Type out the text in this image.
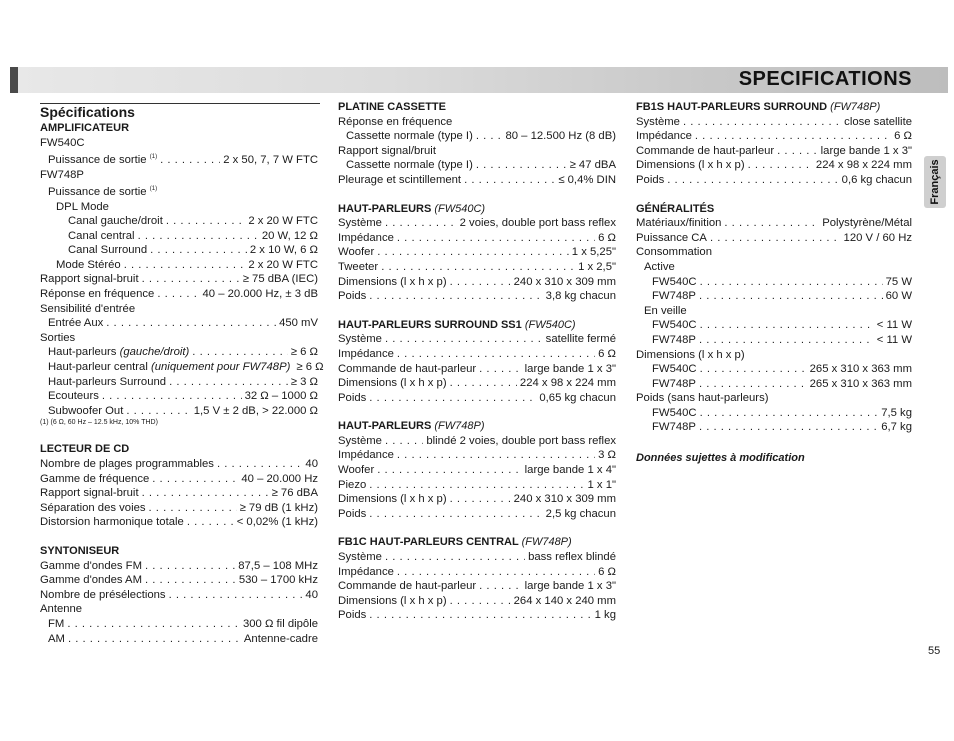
SPECIFICATIONS
Français
Spécifications
AMPLIFICATEUR
FW540C
Puissance de sortie $^{(1)}$ . . .	2 x 50, 7, 7 W FTC
FW748P
Puissance de sortie $^{(1)}$
DPL Mode
Canal gauche/droit . . .	2 x 20 W FTC
Canal central . . .	20 W, 12 Ω
Canal Surround . . .	2 x 10 W, 6 Ω
Mode Stéréo . . .	2 x 20 W FTC
Rapport signal-bruit . . .	≥ 75 dBA (IEC)
Réponse en fréquence . . .	40 – 20.000 Hz, ± 3 dB
Sensibilité d'entrée
Entrée Aux . . .	450 mV
Sorties
Haut-parleurs (gauche/droit) . . .	≥ 6 Ω
Haut-parleur central (uniquement pour FW748P) ≥ 6 Ω
Haut-parleurs Surround . . .	≥ 3 Ω
Ecouteurs . . .	32 Ω – 1000 Ω
Subwoofer Out . . .	1,5 V ± 2 dB, > 22.000 Ω
(1) (6 Ω, 60 Hz – 12.5 kHz, 10% THD)
LECTEUR DE CD
Nombre de plages programmables . . .	40
Gamme de fréquence . . .	40 – 20.000 Hz
Rapport signal-bruit . . .	≥ 76 dBA
Séparation des voies . . .	≥ 79 dB (1 kHz)
Distorsion harmonique totale . . .	< 0,02% (1 kHz)
SYNTONISEUR
Gamme d'ondes FM . . .	87,5 – 108 MHz
Gamme d'ondes AM . . .	530 – 1700 kHz
Nombre de présélections . . .	40
Antenne
FM . . .	300 Ω fil dipôle
AM . . .	Antenne-cadre
PLATINE CASSETTE
Réponse en fréquence
Cassette normale (type I) . . .	80 – 12.500 Hz (8 dB)
Rapport signal/bruit
Cassette normale (type I) . . .	≥ 47 dBA
Pleurage et scintillement . . .	≤ 0,4% DIN
HAUT-PARLEURS (FW540C)
Système . . .	2 voies, double port bass reflex
Impédance . . .	6 Ω
Woofer . . .	1 x 5,25"
Tweeter . . .	1 x 2,5"
Dimensions (l x h x p) . . .	240 x 310 x 309 mm
Poids . . .	3,8 kg chacun
HAUT-PARLEURS SURROUND SS1 (FW540C)
Système . . .	satellite fermé
Impédance . . .	6 Ω
Commande de haut-parleur . . .	large bande 1 x 3"
Dimensions (l x h x p) . . .	224 x 98 x 224 mm
Poids . . .	0,65 kg chacun
HAUT-PARLEURS (FW748P)
Système . . .	blindé 2 voies, double port bass reflex
Impédance . . .	3 Ω
Woofer . . .	large bande 1 x 4"
Piezo . . .	1 x 1"
Dimensions (l x h x p) . . .	240 x 310 x 309 mm
Poids . . .	2,5 kg chacun
FB1C HAUT-PARLEURS CENTRAL (FW748P)
Système . . .	bass reflex blindé
Impédance . . .	6 Ω
Commande de haut-parleur . . .	large bande 1 x 3"
Dimensions (l x h x p) . . .	264 x 140 x 240 mm
Poids . . .	1 kg
FB1S HAUT-PARLEURS SURROUND (FW748P)
Système . . .	close satellite
Impédance . . .	6 Ω
Commande de haut-parleur . . .	large bande 1 x 3"
Dimensions (l x h x p) . . .	224 x 98 x 224 mm
Poids . . .	0,6 kg chacun
GÉNÉRALITÉS
Matériaux/finition . . .	Polystyrène/Métal
Puissance CA . . .	120 V / 60 Hz
Consommation
Active
FW540C . . .	75 W
FW748P . . .	60 W
En veille
FW540C . . .	< 11 W
FW748P . . .	< 11 W
Dimensions (l x h x p)
FW540C . . .	265 x 310 x 363 mm
FW748P . . .	265 x 310 x 363 mm
Poids (sans haut-parleurs)
FW540C . . .	7,5 kg
FW748P . . .	6,7 kg
Données sujettes à modification
55
